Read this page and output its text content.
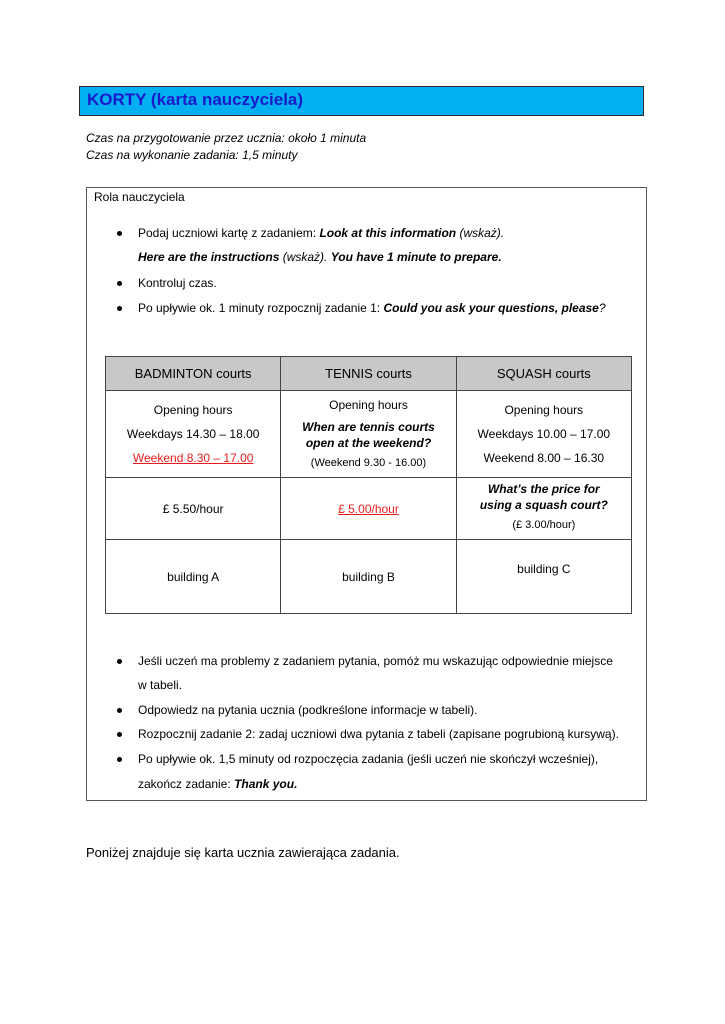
KORTY (karta nauczyciela)
Czas na przygotowanie przez ucznia: około 1 minuta
Czas na wykonanie zadania: 1,5 minuty
Rola nauczyciela
Podaj uczniowi kartę z zadaniem: Look at this information (wskaż).
Here are the instructions (wskaż). You have 1 minute to prepare.
Kontroluj czas.
Po upływie ok. 1 minuty rozpocznij zadanie 1: Could you ask your questions, please?
BADMINTON courts	TENNIS courts	SQUASH courts

Opening hours
Weekdays 14.30 – 18.00
Weekend 8.30 – 17.00	Opening hours
When are tennis courts open at the weekend?
(Weekend 9.30 - 16.00)	Opening hours
Weekdays 10.00 – 17.00
Weekend 8.00 – 16.30

£ 5.50/hour	£ 5.00/hour	What’s the price for using a squash court?
(£ 3.00/hour)

building A	building B	building C
Jeśli uczeń ma problemy z zadaniem pytania, pomóż mu wskazując odpowiednie miejsce
w tabeli.
Odpowiedz na pytania ucznia (podkreślone informacje w tabeli).
Rozpocznij zadanie 2: zadaj uczniowi dwa pytania z tabeli (zapisane pogrubioną kursywą).
Po upływie ok. 1,5 minuty od rozpoczęcia zadania (jeśli uczeń nie skończył wcześniej),
zakończ zadanie: Thank you.
Poniżej znajduje się karta ucznia zawierająca zadania.
